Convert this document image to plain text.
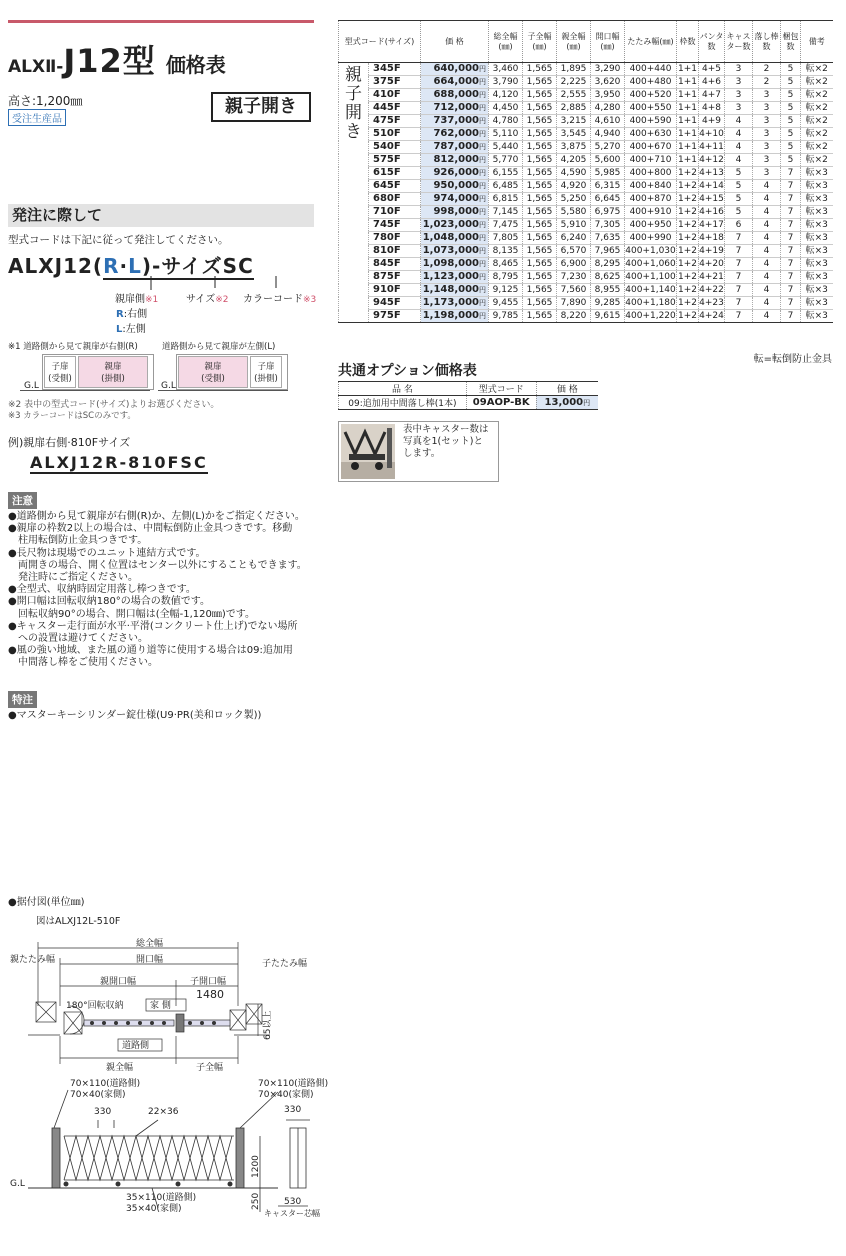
ALXⅡ-J12型 価格表
高さ:1,200㎜
受注生産品
親子開き
発注に際して
型式コードは下記に従って発注してください。
ALXJ12(R·L)-サイズSC
親扉側※1	サイズ※2 カラーコード※3
R:右側
L:左側
※1 道路側から見て親扉が右側(R)	道路側から見て親扉が左側(L)
子扉
(受側)
親扉
(掛側)
G.L
親扉
(受側)
子扉
(掛側)
G.L
※2 表中の型式コード(サイズ)よりお選びください。
※3 カラーコードはSCのみです。
例)親扉右側·810Fサイズ
ALXJ12R-810FSC
注意
●道路側から見て親扉が右側(R)か、左側(L)かをご指定ください。
●親扉の枠数2以上の場合は、中間転倒防止金具つきです。移動
柱用転倒防止金具つきです。
●長尺物は現場でのユニット連結方式です。
両開きの場合、開く位置はセンター以外にすることもできます。
発注時にご指定ください。
●全型式、収納時固定用落し棒つきです。
●開口幅は回転収納180°の場合の数値です。
回転収納90°の場合、開口幅は(全幅-1,120㎜)です。
●キャスター走行面が水平·平滑(コンクリート仕上げ)でない場所
への設置は避けてください。
●風の強い地域、また風の通り道等に使用する場合は09:追加用
中間落し棒をご使用ください。
特注
●マスターキーシリンダー錠仕様(U9·PR(美和ロック製))
型式コード(サイズ)		価 格	総全幅(㎜)	子全幅(㎜)	親全幅(㎜)	開口幅(㎜)	たたみ幅(㎜)	枠数	パンタ数	キャスター数	落し棒数	梱包数	備考

親
子
開
き	345F	640,000円	3,460	1,565	1,895	3,290	400+440	1+1	4+5	3	2	5	転×2
	375F	664,000円	3,790	1,565	2,225	3,620	400+480	1+1	4+6	3	2	5	転×2
	410F	688,000円	4,120	1,565	2,555	3,950	400+520	1+1	4+7	3	3	5	転×2
	445F	712,000円	4,450	1,565	2,885	4,280	400+550	1+1	4+8	3	3	5	転×2
	475F	737,000円	4,780	1,565	3,215	4,610	400+590	1+1	4+9	4	3	5	転×2
	510F	762,000円	5,110	1,565	3,545	4,940	400+630	1+1	4+10	4	3	5	転×2
	540F	787,000円	5,440	1,565	3,875	5,270	400+670	1+1	4+11	4	3	5	転×2
	575F	812,000円	5,770	1,565	4,205	5,600	400+710	1+1	4+12	4	3	5	転×2
	615F	926,000円	6,155	1,565	4,590	5,985	400+800	1+2	4+13	5	3	7	転×3
	645F	950,000円	6,485	1,565	4,920	6,315	400+840	1+2	4+14	5	4	7	転×3
	680F	974,000円	6,815	1,565	5,250	6,645	400+870	1+2	4+15	5	4	7	転×3
	710F	998,000円	7,145	1,565	5,580	6,975	400+910	1+2	4+16	5	4	7	転×3
	745F	1,023,000円	7,475	1,565	5,910	7,305	400+950	1+2	4+17	6	4	7	転×3
	780F	1,048,000円	7,805	1,565	6,240	7,635	400+990	1+2	4+18	7	4	7	転×3
	810F	1,073,000円	8,135	1,565	6,570	7,965	400+1,030	1+2	4+19	7	4	7	転×3
	845F	1,098,000円	8,465	1,565	6,900	8,295	400+1,060	1+2	4+20	7	4	7	転×3
	875F	1,123,000円	8,795	1,565	7,230	8,625	400+1,100	1+2	4+21	7	4	7	転×3
	910F	1,148,000円	9,125	1,565	7,560	8,955	400+1,140	1+2	4+22	7	4	7	転×3
	945F	1,173,000円	9,455	1,565	7,890	9,285	400+1,180	1+2	4+23	7	4	7	転×3
	975F	1,198,000円	9,785	1,565	8,220	9,615	400+1,220	1+2	4+24	7	4	7	転×3
転=転倒防止金具
共通オプション価格表
品 名	型式コード	価 格
09:追加用中間落し棒(1本)	09AOP-BK	13,000円
表中キャスター数は
写真を1(セット)と
します。
●据付図(単位㎜)
図はALXJ12L-510F
総全幅
開口幅
親たたみ幅	子たたみ幅
親開口幅	子開口幅
1480
180°回転収納	家 側
道路側
親全幅	子全幅
65以上
70×110(道路側)
70×40(家側)
70×110(道路側)
70×40(家側)
330	22×36	330
G.L
1200
250
35×110(道路側)
35×40(家側)
530
キャスター芯幅
